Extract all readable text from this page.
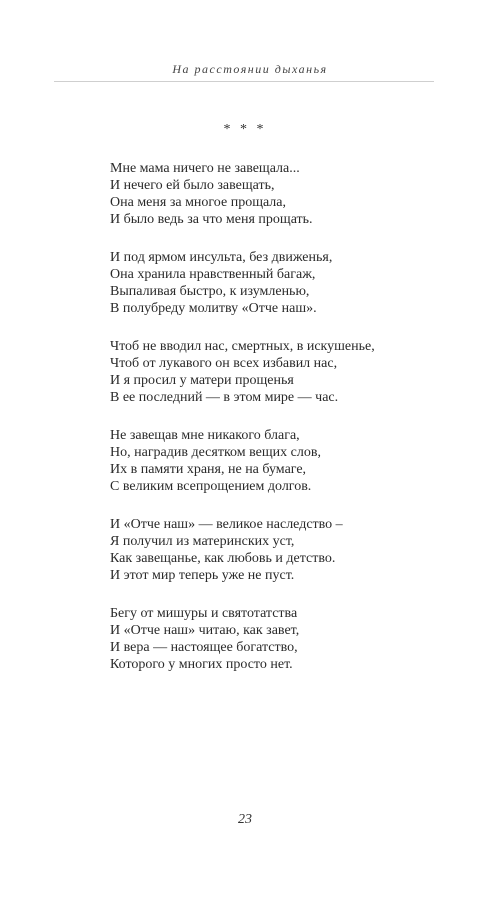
На расстоянии дыханья
* * *
Мне мама ничего не завещала...
И нечего ей было завещать,
Она меня за многое прощала,
И было ведь за что меня прощать.
И под ярмом инсульта, без движенья,
Она хранила нравственный багаж,
Выпаливая быстро, к изумленью,
В полубреду молитву «Отче наш».
Чтоб не вводил нас, смертных, в искушенье,
Чтоб от лукавого он всех избавил нас,
И я просил у матери прощенья
В ее последний — в этом мире — час.
Не завещав мне никакого блага,
Но, наградив десятком вещих слов,
Их в памяти храня, не на бумаге,
С великим всепрощением долгов.
И «Отче наш» — великое наследство –
Я получил из материнских уст,
Как завещанье, как любовь и детство.
И этот мир теперь уже не пуст.
Бегу от мишуры и святотатства
И «Отче наш» читаю, как завет,
И вера — настоящее богатство,
Которого у многих просто нет.
23
